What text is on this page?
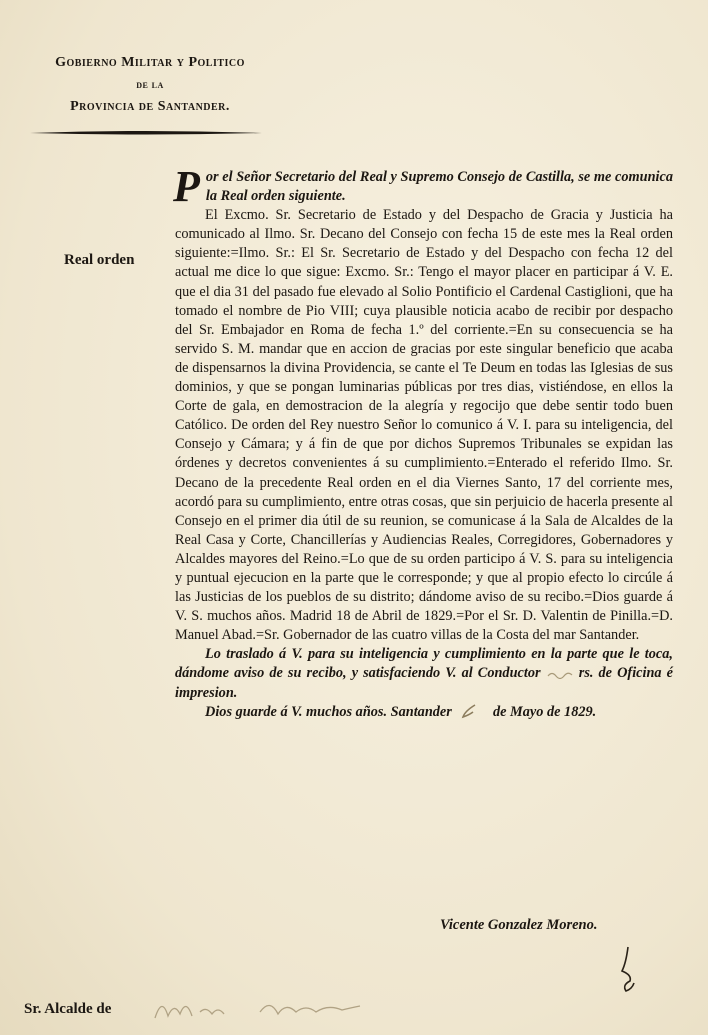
Gobierno Militar y Politico
de la
Provincia de Santander.
Real orden

Por el Señor Secretario del Real y Supremo Consejo de Castilla, se me comunica la Real orden siguiente.

El Excmo. Sr. Secretario de Estado y del Despacho de Gracia y Justicia ha comunicado al Ilmo. Sr. Decano del Consejo con fecha 15 de este mes la Real orden siguiente:=Ilmo. Sr.: El Sr. Secretario de Estado y del Despacho con fecha 12 del actual me dice lo que sigue: Excmo. Sr.: Tengo el mayor placer en participar á V. E. que el dia 31 del pasado fue elevado al Solio Pontificio el Cardenal Castiglioni, que ha tomado el nombre de Pio VIII; cuya plausible noticia acabo de recibir por despacho del Sr. Embajador en Roma de fecha 1.º del corriente.=En su consecuencia se ha servido S. M. mandar que en accion de gracias por este singular beneficio que acaba de dispensarnos la divina Providencia, se cante el Te Deum en todas las Iglesias de sus dominios, y que se pongan luminarias públicas por tres dias, vistiéndose, en ellos la Corte de gala, en demostracion de la alegría y regocijo que debe sentir todo buen Católico. De orden del Rey nuestro Señor lo comunico á V. I. para su inteligencia, del Consejo y Cámara; y á fin de que por dichos Supremos Tribunales se expidan las órdenes y decretos convenientes á su cumplimiento.=Enterado el referido Ilmo. Sr. Decano de la precedente Real orden en el dia Viernes Santo, 17 del corriente mes, acordó para su cumplimiento, entre otras cosas, que sin perjuicio de hacerla presente al Consejo en el primer dia útil de su reunion, se comunicase á la Sala de Alcaldes de la Real Casa y Corte, Chancillerías y Audiencias Reales, Corregidores, Gobernadores y Alcaldes mayores del Reino.=Lo que de su orden participo á V. S. para su inteligencia y puntual ejecucion en la parte que le corresponde; y que al propio efecto lo circúle á las Justicias de los pueblos de su distrito; dándome aviso de su recibo.=Dios guarde á V. S. muchos años. Madrid 18 de Abril de 1829.=Por el Sr. D. Valentin de Pinilla.=D. Manuel Abad.=Sr. Gobernador de las cuatro villas de la Costa del mar Santander.

Lo traslado á V. para su inteligencia y cumplimiento en la parte que le toca, dándome aviso de su recibo, y satisfaciendo V. al Conductor	rs. de Oficina é impresion.

Dios guarde á V. muchos años. Santander	de Mayo de 1829.

Vicente Gonzalez Moreno.
Sr. Alcalde de
